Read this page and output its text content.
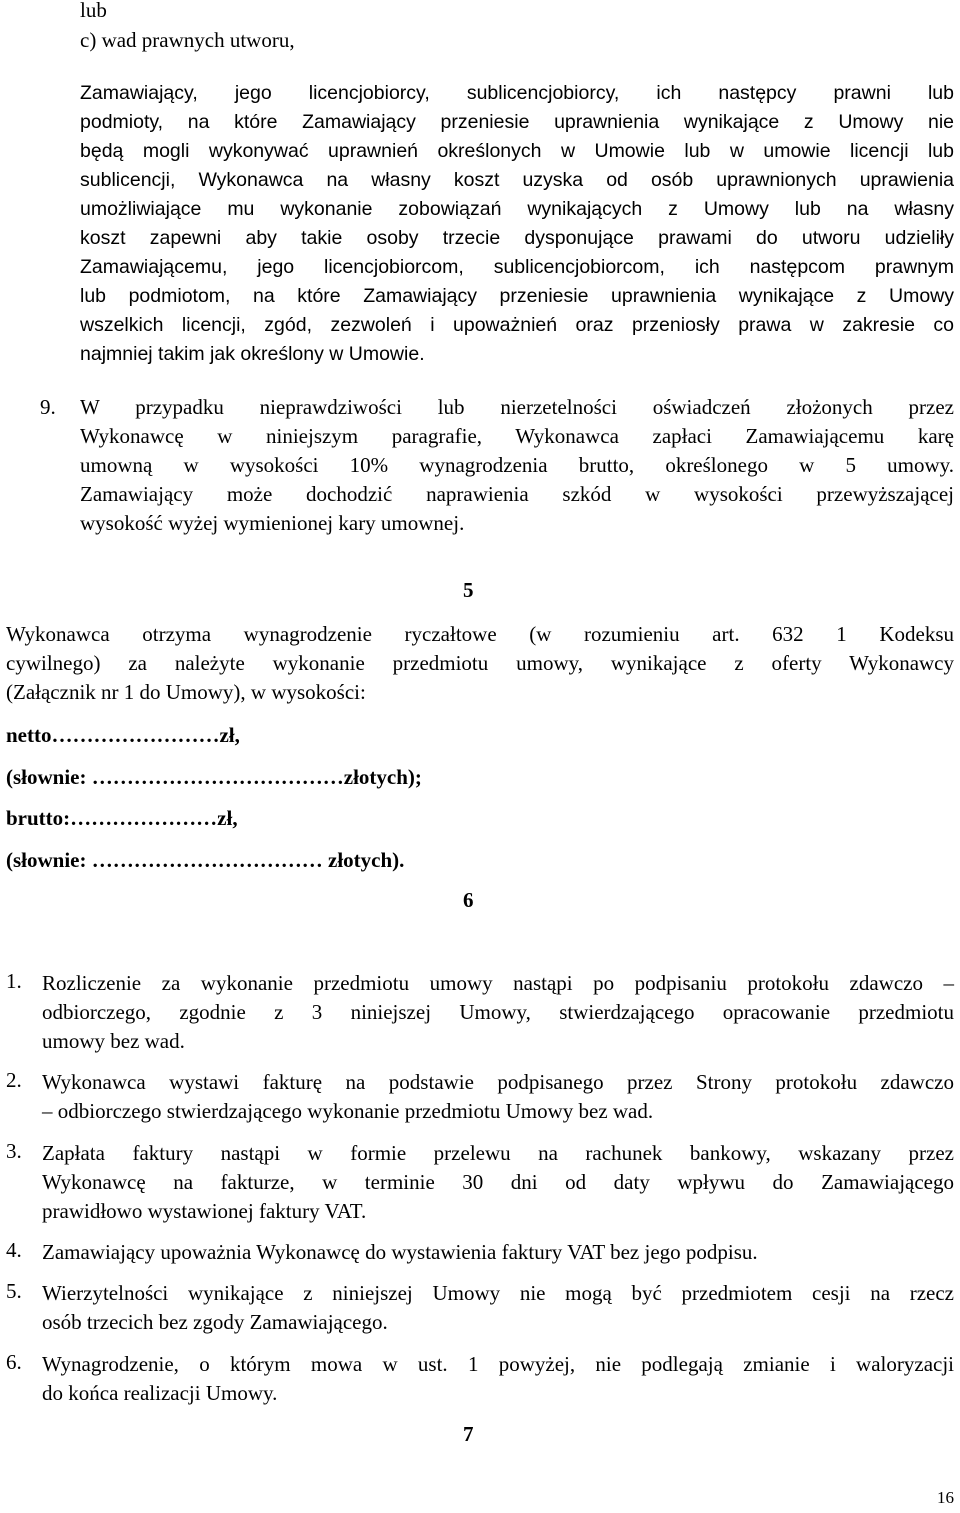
lub
c) wad prawnych utworu,
Zamawiający, jego licencjobiorcy, sublicencjobiorcy, ich następcy prawni lub
podmioty, na które Zamawiający przeniesie uprawnienia wynikające z Umowy nie
będą mogli wykonywać uprawnień określonych w Umowie lub w umowie licencji lub
sublicencji, Wykonawca na własny koszt uzyska od osób uprawnionych uprawienia
umożliwiające mu wykonanie zobowiązań wynikających z Umowy lub na własny
koszt zapewni aby takie osoby trzecie dysponujące prawami do utworu udzieliły
Zamawiającemu, jego licencjobiorcom, sublicencjobiorcom, ich następcom prawnym
lub podmiotom, na które Zamawiający przeniesie uprawnienia wynikające z Umowy
wszelkich licencji, zgód, zezwoleń i upoważnień oraz przeniosły prawa w zakresie co
najmniej takim jak określony w Umowie.
9. W przypadku nieprawdziwości lub nierzetelności oświadczeń złożonych przez
Wykonawcę w niniejszym paragrafie, Wykonawca zapłaci Zamawiającemu karę
umowną w wysokości 10% wynagrodzenia brutto, określonego w 5 umowy.
Zamawiający może dochodzić naprawienia szkód w wysokości przewyższającej
wysokość wyżej wymienionej kary umownej.
5
Wykonawca otrzyma wynagrodzenie ryczałtowe (w rozumieniu art. 632 1 Kodeksu
cywilnego) za należyte wykonanie przedmiotu umowy, wynikające z oferty Wykonawcy
(Załącznik nr 1 do Umowy), w wysokości:
netto……………………zł,
(słownie: ………………………………złotych);
brutto:…………………zł,
(słownie: …………………………… złotych).
6
1. Rozliczenie za wykonanie przedmiotu umowy nastąpi po podpisaniu protokołu zdawczo –
odbiorczego, zgodnie z 3 niniejszej Umowy, stwierdzającego opracowanie przedmiotu
umowy bez wad.
2. Wykonawca wystawi fakturę na podstawie podpisanego przez Strony protokołu zdawczo
– odbiorczego stwierdzającego wykonanie przedmiotu Umowy bez wad.
3. Zapłata faktury nastąpi w formie przelewu na rachunek bankowy, wskazany przez
Wykonawcę na fakturze, w terminie 30 dni od daty wpływu do Zamawiającego
prawidłowo wystawionej faktury VAT.
4. Zamawiający upoważnia Wykonawcę do wystawienia faktury VAT bez jego podpisu.
5. Wierzytelności wynikające z niniejszej Umowy nie mogą być przedmiotem cesji na rzecz
osób trzecich bez zgody Zamawiającego.
6. Wynagrodzenie, o którym mowa w ust. 1 powyżej, nie podlegają zmianie i waloryzacji
do końca realizacji Umowy.
7
16
